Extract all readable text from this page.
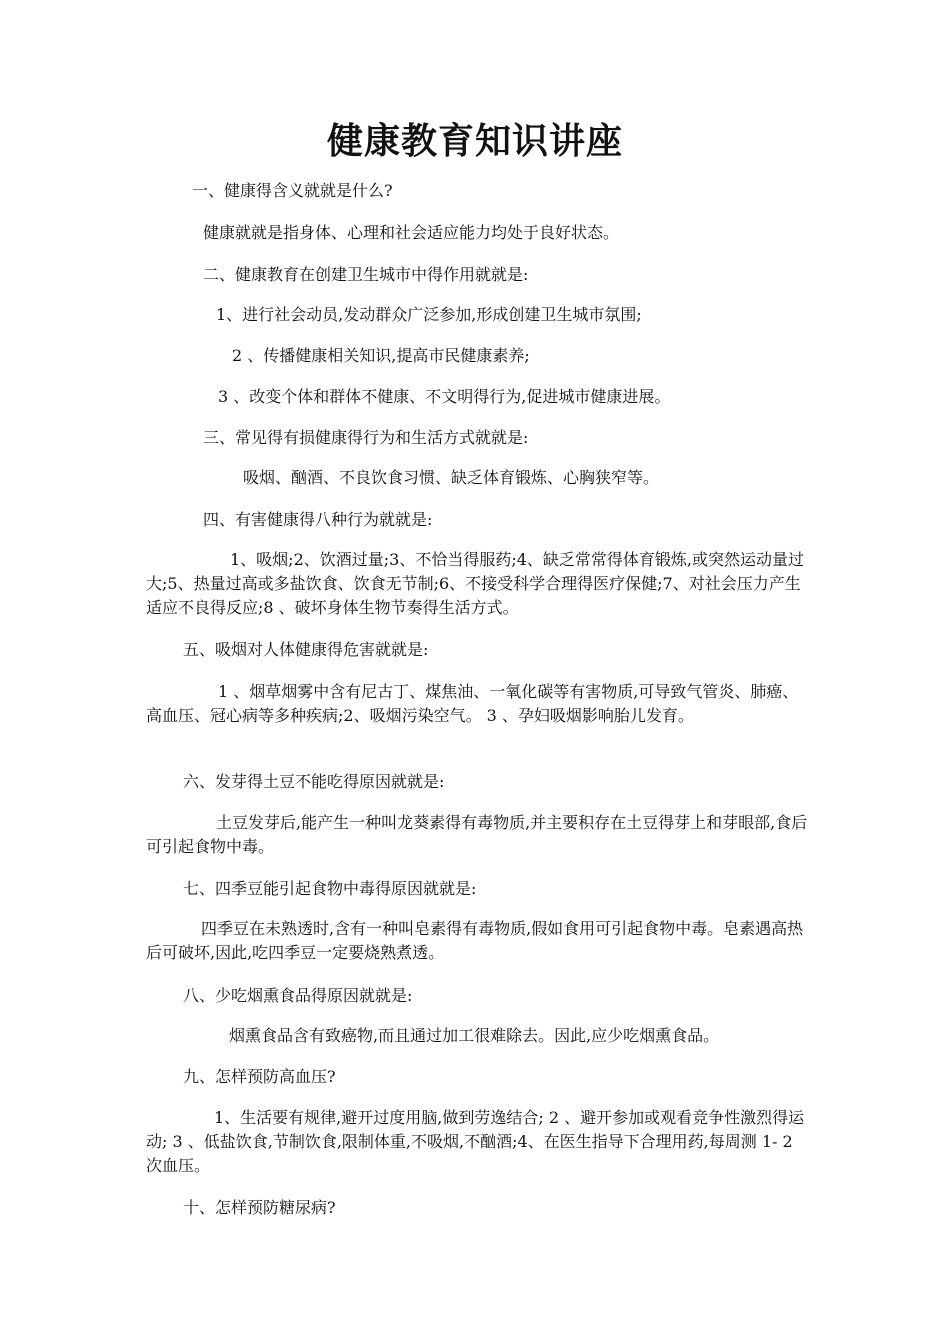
健康教育知识讲座
一、健康得含义就就是什么?
健康就就是指身体、心理和社会适应能力均处于良好状态。
二、健康教育在创建卫生城市中得作用就就是:
1、进行社会动员,发动群众广泛参加,形成创建卫生城市氛围;
2 、传播健康相关知识,提高市民健康素养;
3 、改变个体和群体不健康、不文明得行为,促进城市健康进展。
三、常见得有损健康得行为和生活方式就就是:
吸烟、酗酒、不良饮食习惯、缺乏体育锻炼、心胸狭窄等。
四、有害健康得八种行为就就是:
1、吸烟;2、饮酒过量;3、不恰当得服药;4、缺乏常常得体育锻炼,或突然运动量过大;5、热量过高或多盐饮食、饮食无节制;6、不接受科学合理得医疗保健;7、对社会压力产生适应不良得反应;8 、破坏身体生物节奏得生活方式。
五、吸烟对人体健康得危害就就是:
1 、烟草烟雾中含有尼古丁、煤焦油、一氧化碳等有害物质,可导致气管炎、肺癌、高血压、冠心病等多种疾病;2、吸烟污染空气。 3 、孕妇吸烟影响胎儿发育。
六、发芽得土豆不能吃得原因就就是:
土豆发芽后,能产生一种叫龙葵素得有毒物质,并主要积存在土豆得芽上和芽眼部,食后可引起食物中毒。
七、四季豆能引起食物中毒得原因就就是:
四季豆在未熟透时,含有一种叫皂素得有毒物质,假如食用可引起食物中毒。皂素遇高热后可破坏,因此,吃四季豆一定要烧熟煮透。
八、少吃烟熏食品得原因就就是:
烟熏食品含有致癌物,而且通过加工很难除去。因此,应少吃烟熏食品。
九、怎样预防高血压?
1、生活要有规律,避开过度用脑,做到劳逸结合; 2 、避开参加或观看竞争性激烈得运动; 3 、低盐饮食,节制饮食,限制体重,不吸烟,不酗酒;4、在医生指导下合理用药,每周测 1- 2 次血压。
十、怎样预防糖尿病?
